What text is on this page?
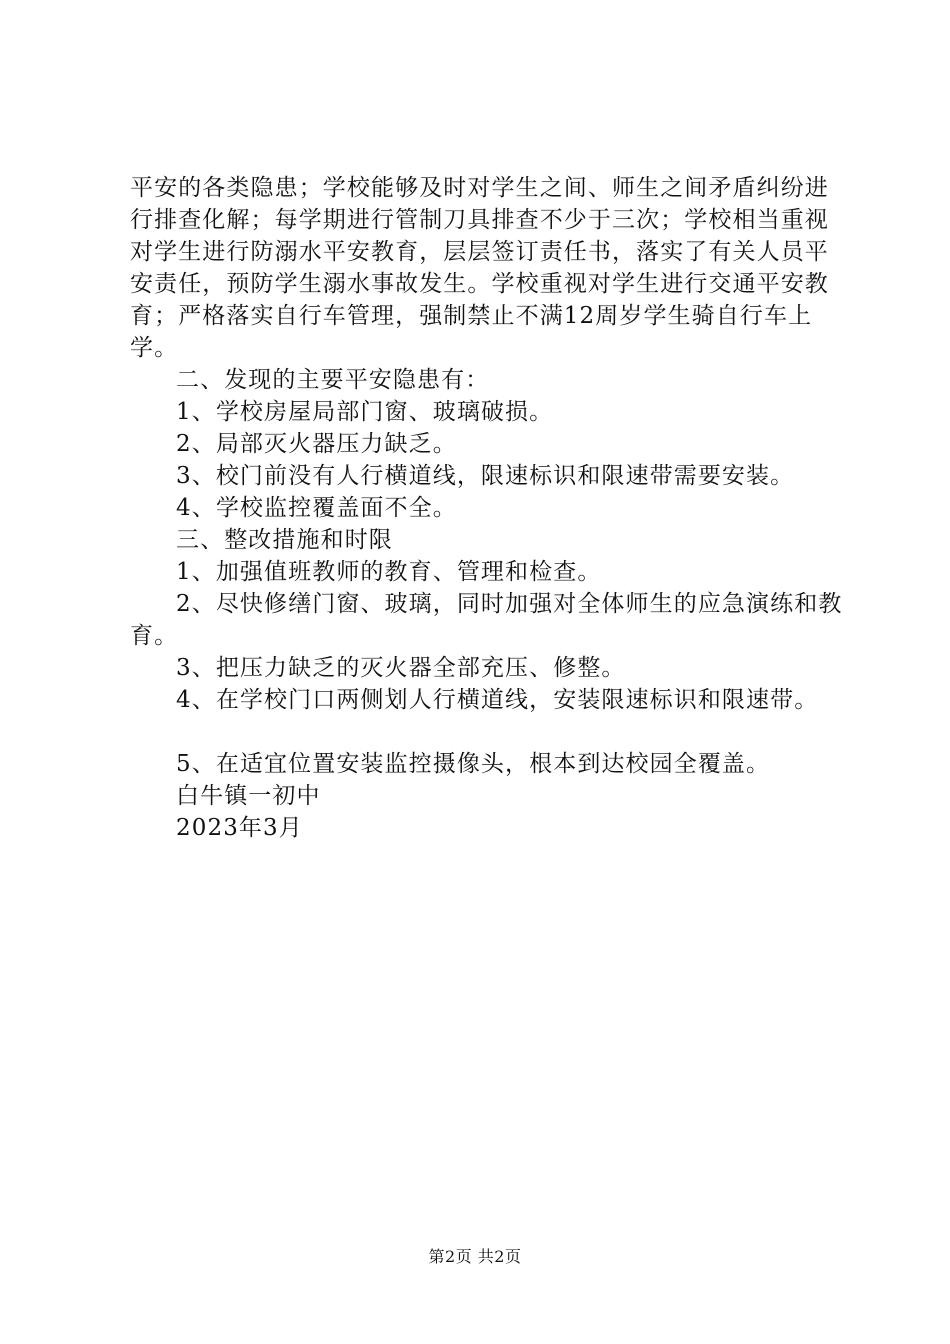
平安的各类隐患；学校能够及时对学生之间、师生之间矛盾纠纷进行排查化解；每学期进行管制刀具排查不少于三次；学校相当重视对学生进行防溺水平安教育，层层签订责任书，落实了有关人员平安责任，预防学生溺水事故发生。学校重视对学生进行交通平安教育；严格落实自行车管理，强制禁止不满12周岁学生骑自行车上学。

二、发现的主要平安隐患有：

1、学校房屋局部门窗、玻璃破损。

2、局部灭火器压力缺乏。

3、校门前没有人行横道线，限速标识和限速带需要安装。

4、学校监控覆盖面不全。

三、整改措施和时限

1、加强值班教师的教育、管理和检查。

2、尽快修缮门窗、玻璃，同时加强对全体师生的应急演练和教育。

3、把压力缺乏的灭火器全部充压、修整。

4、在学校门口两侧划人行横道线，安装限速标识和限速带。

5、在适宜位置安装监控摄像头，根本到达校园全覆盖。

白牛镇一初中

2023年3月

第2页 共2页
